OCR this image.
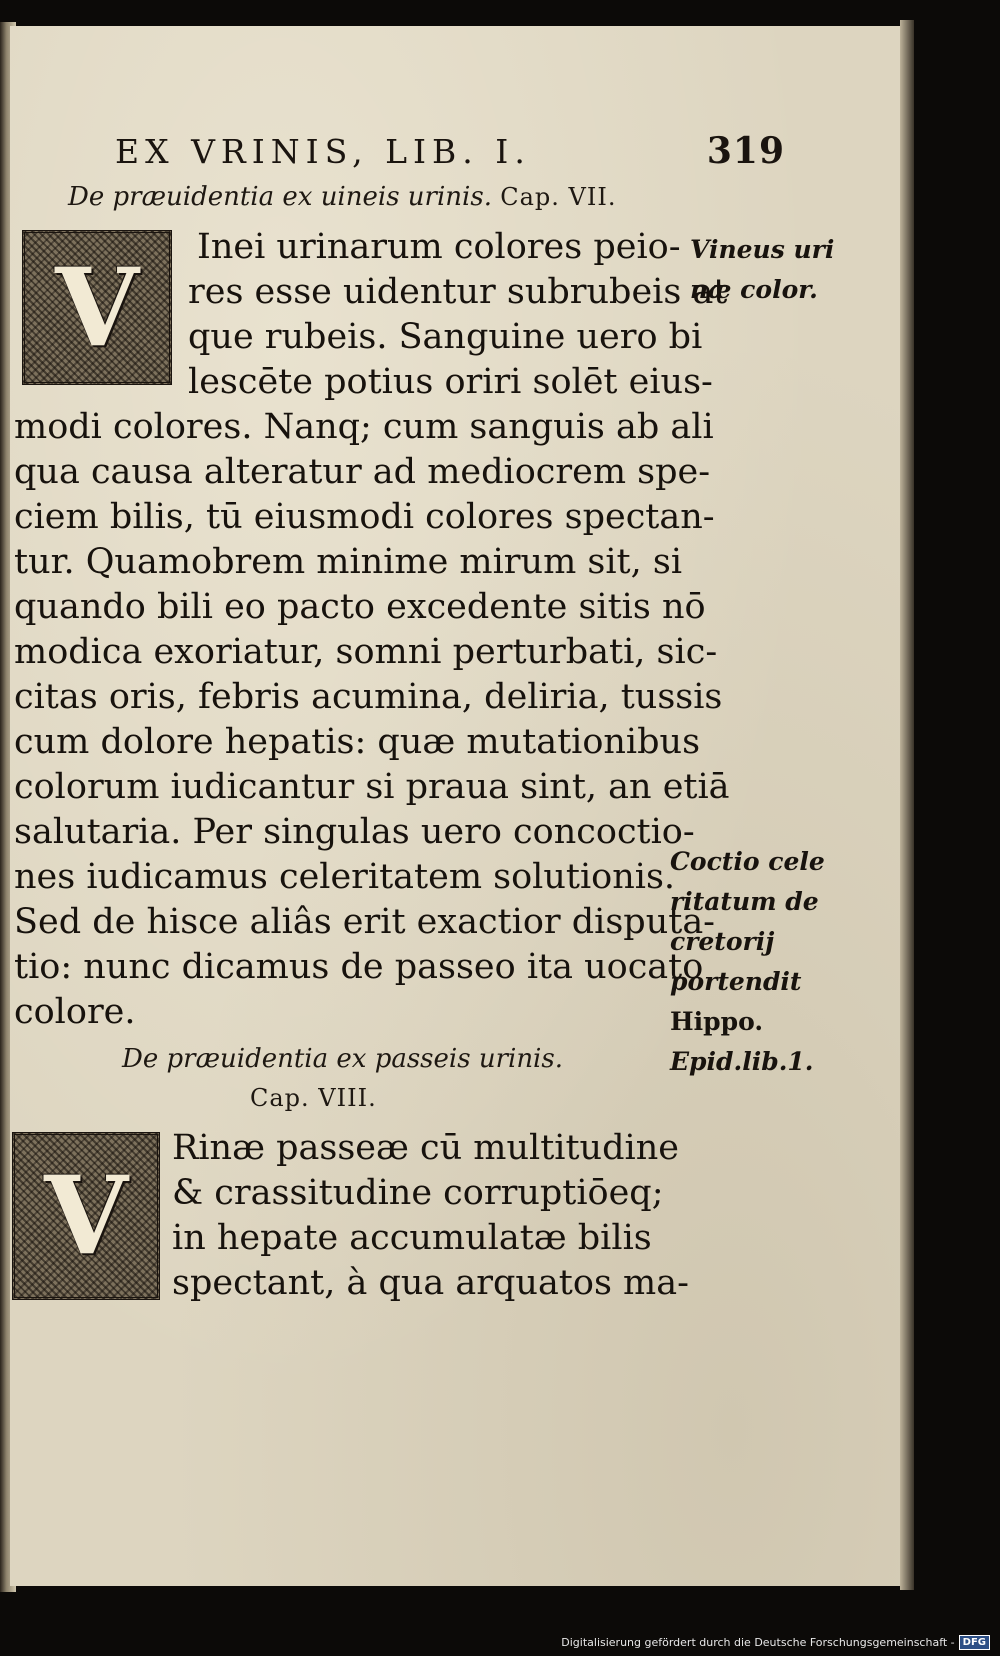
EX VRINIS, LIB. I.	319
De præuidentia ex uineis urinis. Cap. VII.
V	Inei urinarum colores peio-

res esse uidentur subrubeis at

que rubeis. Sanguine uero bi

lescēte potius oriri solēt eius-

modi colores. Nanq; cum sanguis ab ali

qua causa alteratur ad mediocrem spe-

ciem bilis, tū eiusmodi colores spectan-

tur. Quamobrem minime mirum sit, si

quando bili eo pacto excedente sitis nō

modica exoriatur, somni perturbati, sic-

citas oris, febris acumina, deliria, tussis

cum dolore hepatis: quæ mutationibus

colorum iudicantur si praua sint, an etiā

salutaria. Per singulas uero concoctio-

nes iudicamus celeritatem solutionis.

Sed de hisce aliâs erit exactior disputa-

tio: nunc dicamus de passeo ita uocato

colore.

De præuidentia ex passeis urinis.
Cap. VIII.
V

Rinæ passeæ cū multitudine

& crassitudine corruptiōeq;

in hepate accumulatæ bilis

spectant, à qua arquatos ma-

Vineus uri

næ color.

Coctio cele

ritatum de

cretorij

portendit

Hippo.

Epid.lib.1.

Digitalisierung gefördert durch die Deutsche Forschungsgemeinschaft - DFG
